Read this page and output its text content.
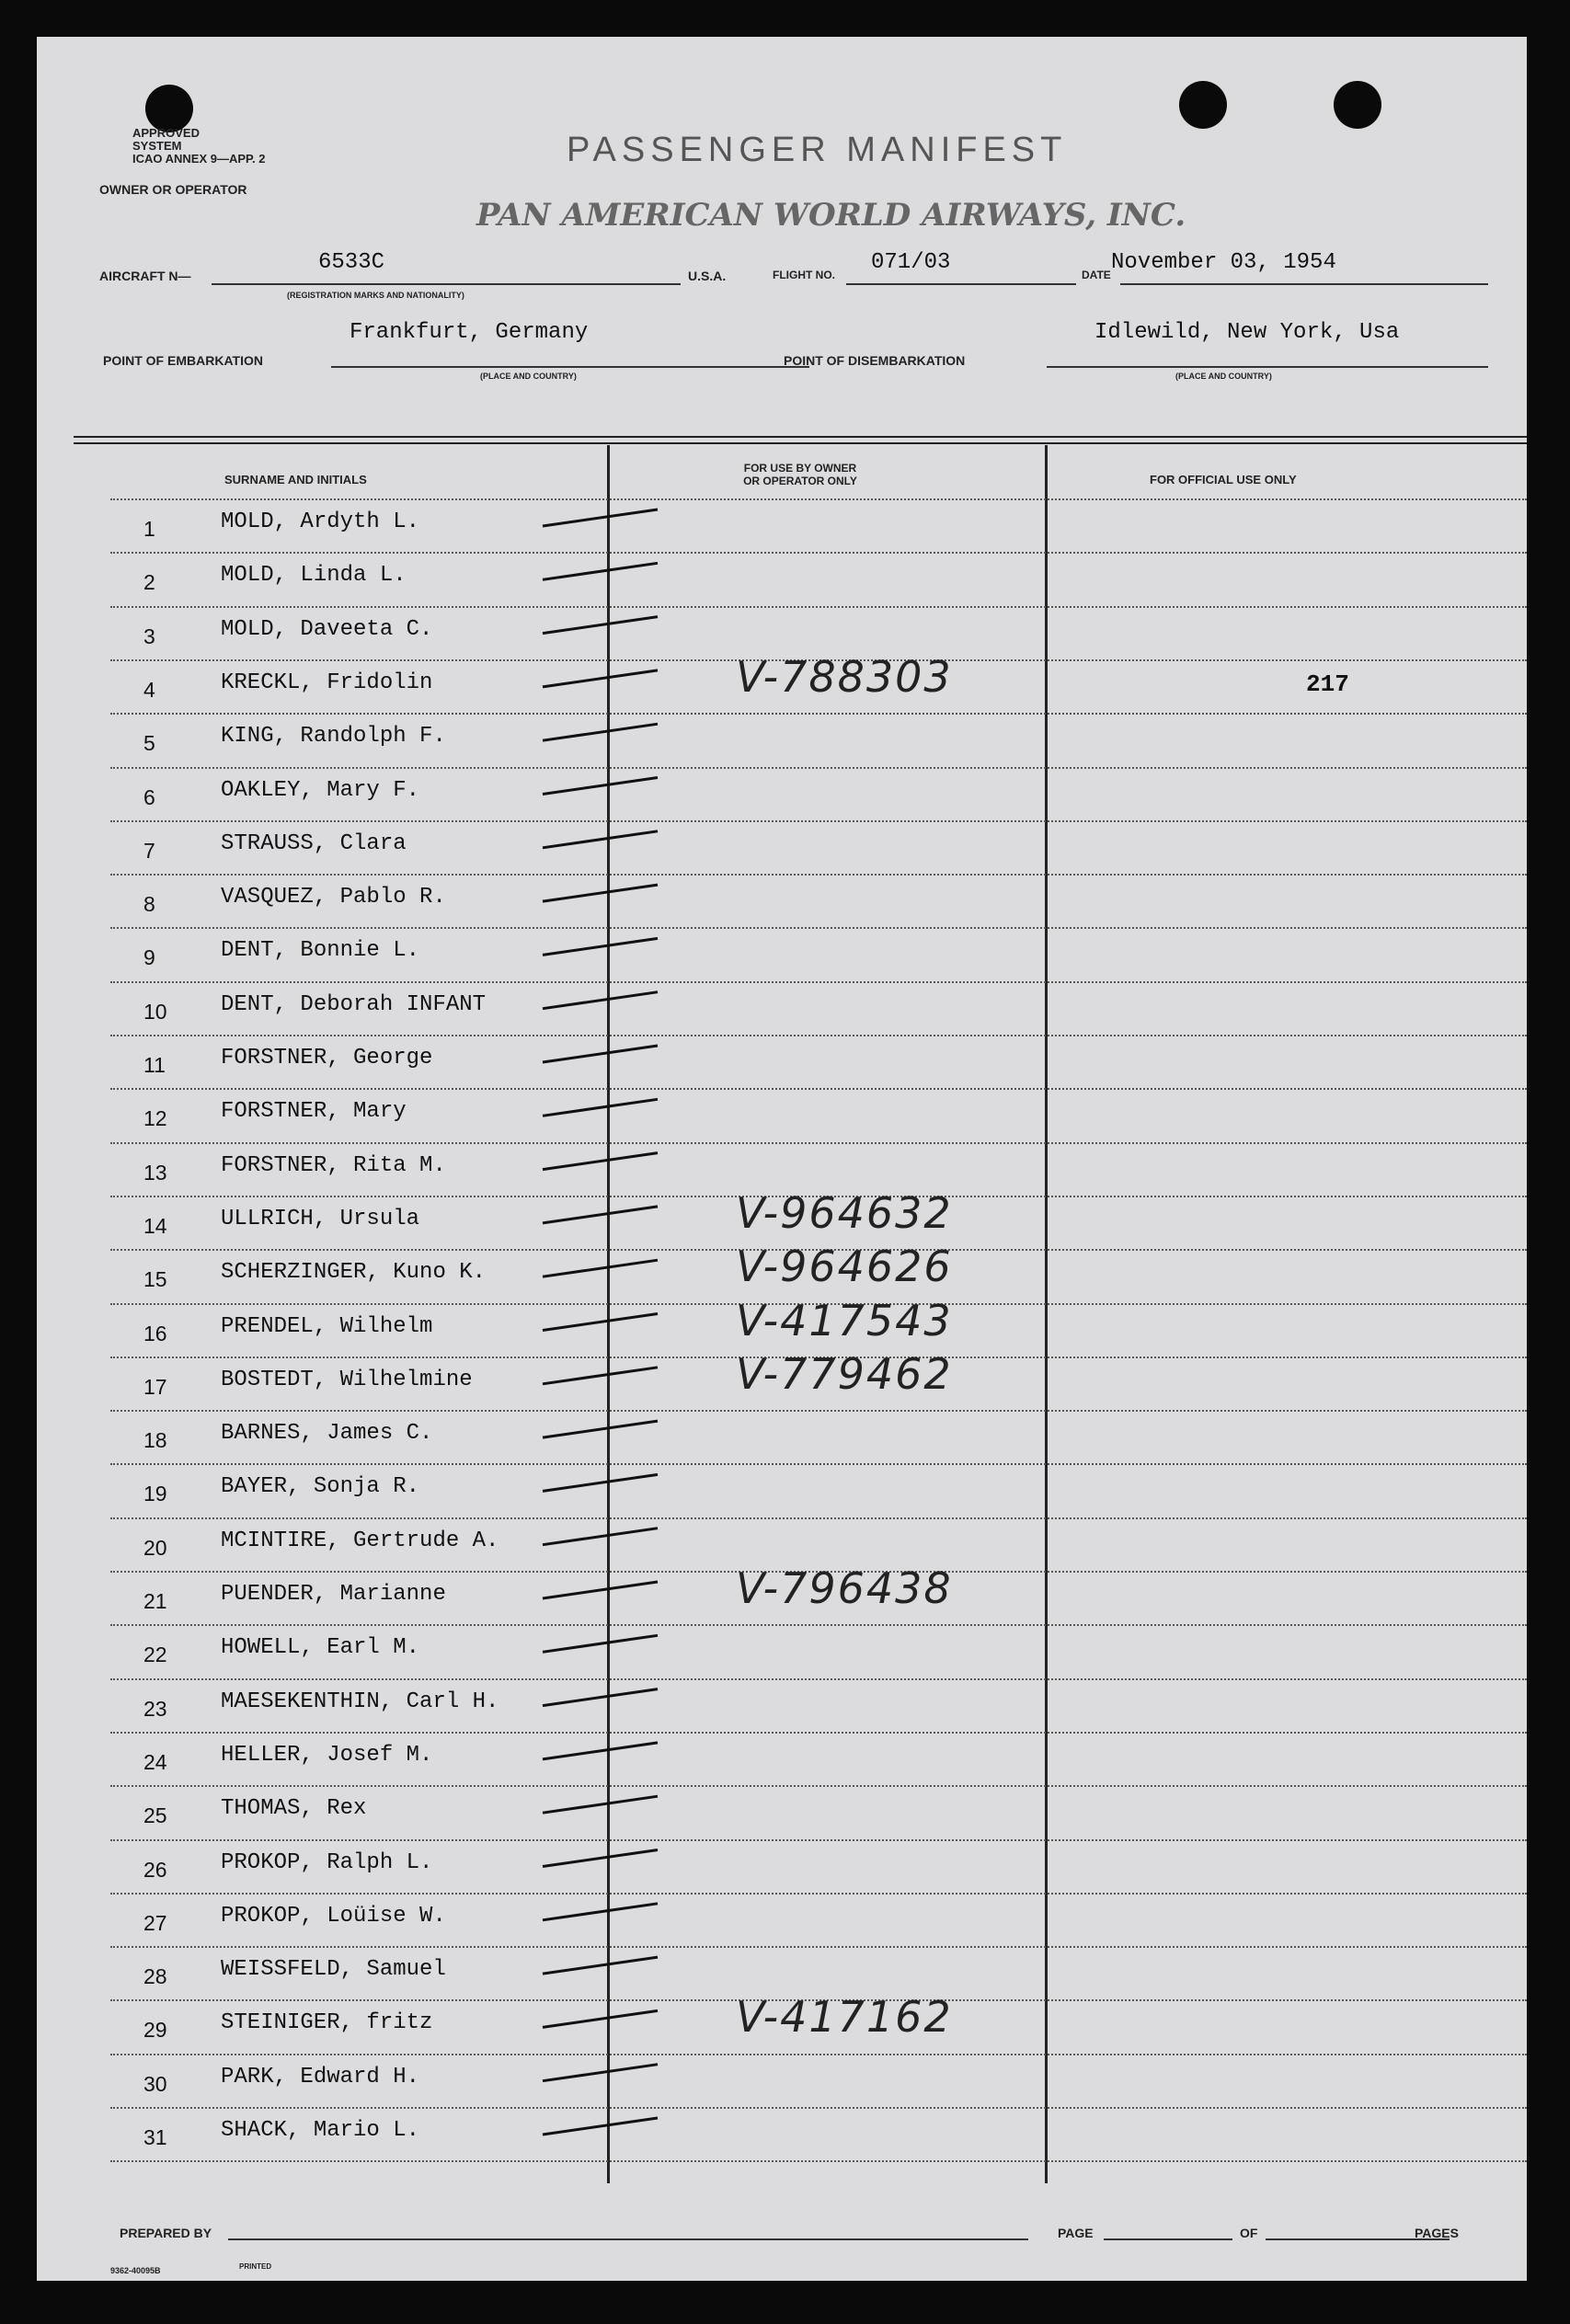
APPROVED
SYSTEM
ICAO ANNEX 9—APP. 2	PASSENGER MANIFEST
OWNER OR OPERATOR
PAN AMERICAN WORLD AIRWAYS, INC.
AIRCRAFT N—
6533C
(REGISTRATION MARKS AND NATIONALITY)
U.S.A.	FLIGHT NO. 071/03	DATE November 03, 1954
Frankfurt, Germany
POINT OF EMBARKATION
(PLACE AND COUNTRY)
POINT OF DISEMBARKATION
Idlewild, New York, Usa
(PLACE AND COUNTRY)
SURNAME AND INITIALS
FOR USE BY OWNER
OR OPERATOR ONLY	FOR OFFICIAL USE ONLY
1	MOLD, Ardyth L.
2	MOLD, Linda L.
3	MOLD, Daveeta C.
4	KRECKL, Fridolin	V-788303	217
5	KING, Randolph F.
6	OAKLEY, Mary F.
7	STRAUSS, Clara
8	VASQUEZ, Pablo R.
9	DENT, Bonnie L.
10	DENT, Deborah INFANT
11	FORSTNER, George
12	FORSTNER, Mary
13	FORSTNER, Rita M.
14	ULLRICH, Ursula	V-964632
15	SCHERZINGER, Kuno K.	V-964626
16	PRENDEL, Wilhelm	V-417543
17	BOSTEDT, Wilhelmine	V-779462
18	BARNES, James C.
19	BAYER, Sonja R.
20	MCINTIRE, Gertrude A.
21	PUENDER, Marianne	V-796438
22	HOWELL, Earl M.
23	MAESEKENTHIN, Carl H.
24	HELLER, Josef M.
25	THOMAS, Rex
26	PROKOP, Ralph L.
27	PROKOP, Loüise W.
28	WEISSFELD, Samuel
29	STEINIGER, fritz	V-417162
30	PARK, Edward H.
31	SHACK, Mario L.
PREPARED BY	PAGE	OF	PAGES
9362-40095B	PRINTED
